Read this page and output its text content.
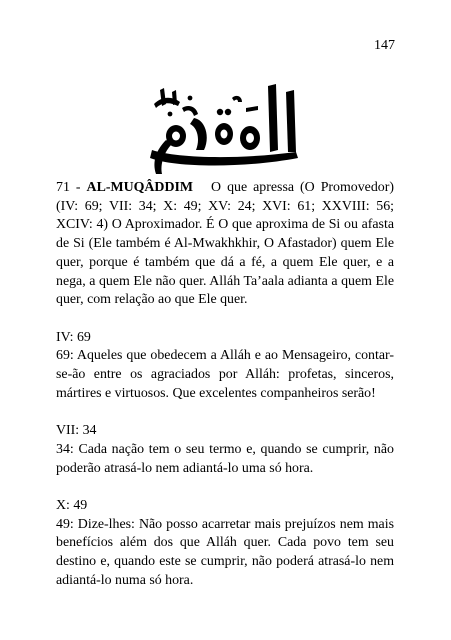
147

71 - AL-MUQÂDDIM   O que apressa (O Promovedor)  (IV: 69; VII: 34; X: 49; XV: 24; XVI: 61; XXVIII: 56; XCIV: 4) O Aproximador. É O que aproxima de Si ou afasta de Si (Ele também é Al-Mwakhkhir, O Afastador) quem Ele quer, porque é também que dá a fé, a quem Ele quer, e a nega, a quem Ele não quer. Alláh Ta’aala adianta a quem Ele quer, com relação ao que Ele quer.

IV: 69

69: Aqueles que obedecem a Alláh e ao Mensageiro, contar-se-ão entre os agraciados por Alláh: profetas, sinceros, mártires e virtuosos. Que excelentes companheiros serão!

VII: 34

34: Cada nação tem o seu termo e, quando se cumprir, não poderão atrasá-lo nem adiantá-lo uma só hora.

X: 49

49: Dize-lhes: Não posso acarretar mais prejuízos nem mais benefícios além dos que Alláh quer. Cada povo tem seu destino e, quando este se cumprir, não poderá atrasá-lo nem adiantá-lo numa só hora.
